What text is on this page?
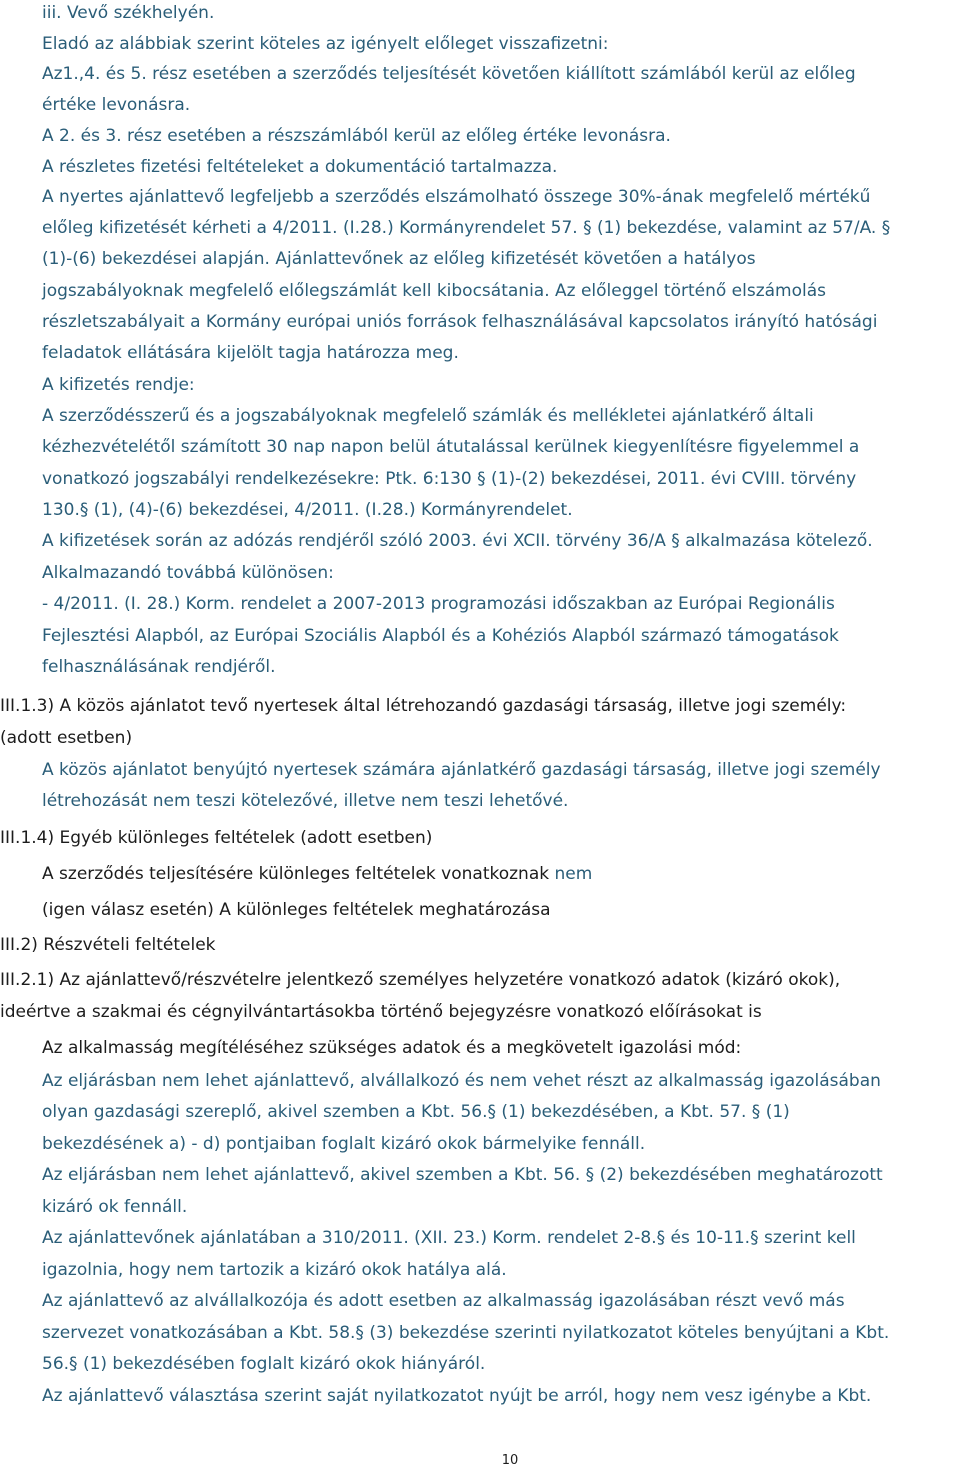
iii. Vevő székhelyén.
Eladó az alábbiak szerint köteles az igényelt előleget visszafizetni:
Az1.,4. és 5. rész esetében a szerződés teljesítését követően kiállított számlából kerül az előleg
értéke levonásra.
A 2. és 3. rész esetében a részszámlából kerül az előleg értéke levonásra.
A részletes fizetési feltételeket a dokumentáció tartalmazza.
A nyertes ajánlattevő legfeljebb a szerződés elszámolható összege 30%-ának megfelelő mértékű
előleg kifizetését kérheti a 4/2011. (I.28.) Kormányrendelet 57. § (1) bekezdése, valamint az 57/A. §
(1)-(6) bekezdései alapján. Ajánlattevőnek az előleg kifizetését követően a hatályos
jogszabályoknak megfelelő előlegszámlát kell kibocsátania. Az előleggel történő elszámolás
részletszabályait a Kormány európai uniós források felhasználásával kapcsolatos irányító hatósági
feladatok ellátására kijelölt tagja határozza meg.
A kifizetés rendje:
A szerződésszerű és a jogszabályoknak megfelelő számlák és mellékletei ajánlatkérő általi
kézhezvételétől számított 30 nap napon belül átutalással kerülnek kiegyenlítésre figyelemmel a
vonatkozó jogszabályi rendelkezésekre: Ptk. 6:130 § (1)-(2) bekezdései, 2011. évi CVIII. törvény
130.§ (1), (4)-(6) bekezdései, 4/2011. (I.28.) Kormányrendelet.
A kifizetések során az adózás rendjéről szóló 2003. évi XCII. törvény 36/A § alkalmazása kötelező.
Alkalmazandó továbbá különösen:
- 4/2011. (I. 28.) Korm. rendelet a 2007-2013 programozási időszakban az Európai Regionális
Fejlesztési Alapból, az Európai Szociális Alapból és a Kohéziós Alapból származó támogatások
felhasználásának rendjéről.
III.1.3) A közös ajánlatot tevő nyertesek által létrehozandó gazdasági társaság, illetve jogi személy:
(adott esetben)
A közös ajánlatot benyújtó nyertesek számára ajánlatkérő gazdasági társaság, illetve jogi személy
létrehozását nem teszi kötelezővé, illetve nem teszi lehetővé.
III.1.4) Egyéb különleges feltételek (adott esetben)
A szerződés teljesítésére különleges feltételek vonatkoznak nem
(igen válasz esetén) A különleges feltételek meghatározása
III.2) Részvételi feltételek
III.2.1) Az ajánlattevő/részvételre jelentkező személyes helyzetére vonatkozó adatok (kizáró okok),
ideértve a szakmai és cégnyilvántartásokba történő bejegyzésre vonatkozó előírásokat is
Az alkalmasság megítéléséhez szükséges adatok és a megkövetelt igazolási mód:
Az eljárásban nem lehet ajánlattevő, alvállalkozó és nem vehet részt az alkalmasság igazolásában
olyan gazdasági szereplő, akivel szemben a Kbt. 56.§ (1) bekezdésében, a Kbt. 57. § (1)
bekezdésének a) - d) pontjaiban foglalt kizáró okok bármelyike fennáll.
Az eljárásban nem lehet ajánlattevő, akivel szemben a Kbt. 56. § (2) bekezdésében meghatározott
kizáró ok fennáll.
Az ajánlattevőnek ajánlatában a 310/2011. (XII. 23.) Korm. rendelet 2-8.§ és 10-11.§ szerint kell
igazolnia, hogy nem tartozik a kizáró okok hatálya alá.
Az ajánlattevő az alvállalkozója és adott esetben az alkalmasság igazolásában részt vevő más
szervezet vonatkozásában a Kbt. 58.§ (3) bekezdése szerinti nyilatkozatot köteles benyújtani a Kbt.
56.§ (1) bekezdésében foglalt kizáró okok hiányáról.
Az ajánlattevő választása szerint saját nyilatkozatot nyújt be arról, hogy nem vesz igénybe a Kbt.
10
